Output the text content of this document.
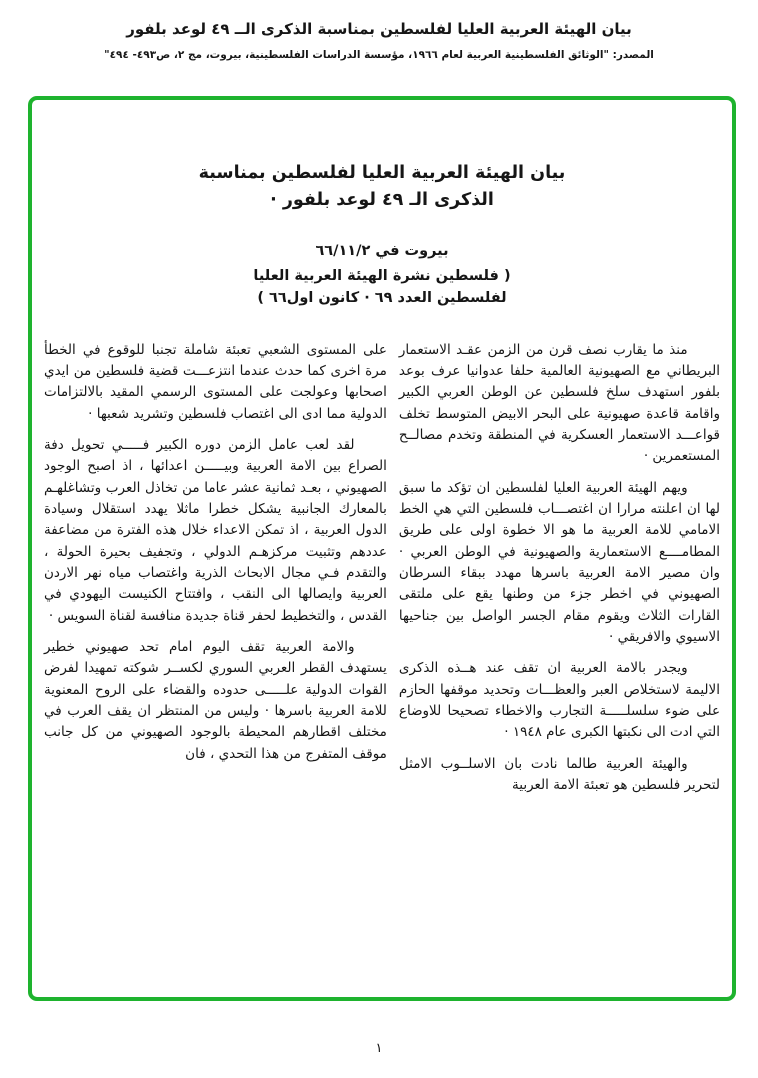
بيان الهيئة العربية العليا لفلسطين بمناسبة الذكرى الــ ٤٩ لوعد بلفور
المصدر: "الوثائق الفلسطينية العربية لعام ١٩٦٦، مؤسسة الدراسات الفلسطينية، بيروت، مج ٢، ص٤٩٣- ٤٩٤"
بيان الهيئة العربية العليا لفلسطين بمناسبة
الذكرى الـ ٤٩ لوعد بلفور ·
بيروت في ٦٦/١١/٢
( فلسطين نشرة الهيئة العربية العليا
لفلسطين العدد ٦٩ · كانون اول٦٦ )

منذ ما يقارب نصف قرن من الزمن عقـد الاستعمار البريطاني مع الصهيونية العالمية حلفا عدوانيا عرف بوعد بلفور استهدف سلخ فلسطين عن الوطن العربي الكبير واقامة قاعدة صهيونية على البحر الابيض المتوسط تخلف قواعـــد الاستعمار العسكرية في المنطقة وتخدم مصالــح المستعمرين ·

ويهم الهيئة العربية العليا لفلسطين ان تؤكد ما سبق لها ان اعلنته مرارا ان اغتصـــاب فلسطين التي هي الخط الامامي للامة العربية ما هو الا خطوة اولى على طريق المطامــــع الاستعمارية والصهيونية في الوطن العربي · وان مصير الامة العربية باسرها مهدد ببقاء السرطان الصهيوني في اخطر جزء من وطنها يقع على ملتقى القارات الثلاث ويقوم مقام الجسر الواصل بين جناحيها الاسيوي والافريقي ·

ويجدر بالامة العربية ان تقف عند هــذه الذكرى الاليمة لاستخلاص العبر والعظـــات وتحديد موقفها الحازم على ضوء سلسلـــــة التجارب والاخطاء تصحيحا للاوضاع التي ادت الى نكبتها الكبرى عام ١٩٤٨ ·

والهيئة العربية طالما نادت بان الاسلــوب الامثل لتحرير فلسطين هو تعبئة الامة العربية

على المستوى الشعبي تعبئة شاملة تجنبا للوقوع في الخطأ مرة اخرى كما حدث عندما انتزعـــت قضية فلسطين من ايدي اصحابها وعولجت على المستوى الرسمي المقيد بالالتزامات الدولية مما ادى الى اغتصاب فلسطين وتشريد شعبها ·

لقد لعب عامل الزمن دوره الكبير فـــــي تحويل دفة الصراع بين الامة العربية وبيـــــن اعدائها ، اذ اصبح الوجود الصهيوني ، بعـد ثمانية عشر عاما من تخاذل العرب وتشاغلهـم بالمعارك الجانبية يشكل خطرا ماثلا يهدد استقلال وسيادة الدول العربية ، اذ تمكن الاعداء خلال هذه الفترة من مضاعفة عددهم وتثبيت مركزهـم الدولي ، وتجفيف بحيرة الحولة ، والتقدم فـي مجال الابحاث الذرية واغتصاب مياه نهر الاردن العربية وايصالها الى النقب ، وافتتاح الكنيست اليهودي في القدس ، والتخطيط لحفر قناة جديدة منافسة لقناة السويس ·

والامة العربية تقف اليوم امام تحد صهيوني خطير يستهدف القطر العربي السوري لكســر شوكته تمهيدا لفرض القوات الدولية علـــــى حدوده والقضاء على الروح المعنوية للامة العربية باسرها · وليس من المنتظر ان يقف العرب في مختلف اقطارهم المحيطة بالوجود الصهيوني من كل جانب موقف المتفرج من هذا التحدي ، فان

١
